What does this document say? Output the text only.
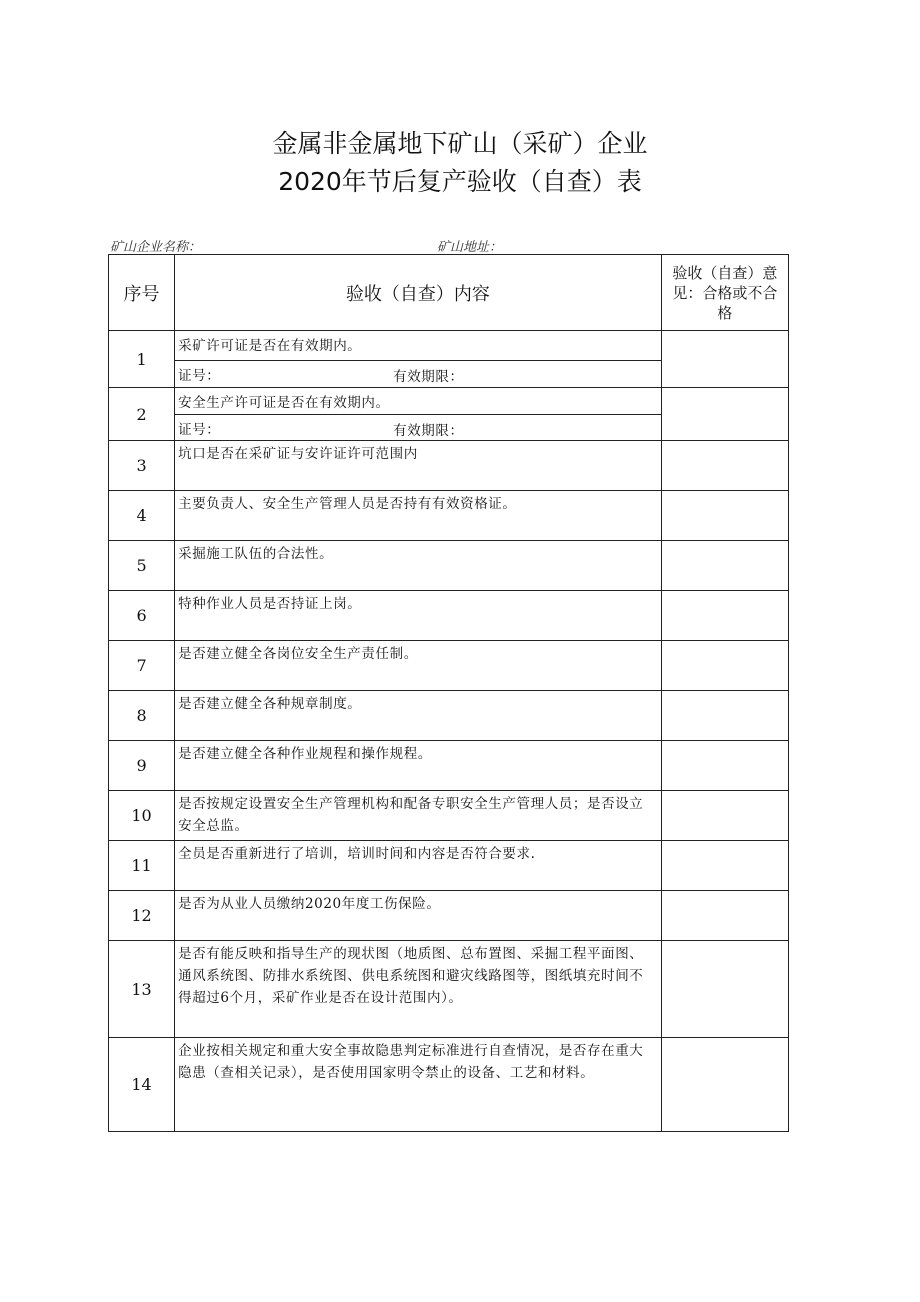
金属非金属地下矿山（采矿）企业
2020年节后复产验收（自查）表
矿山企业名称：	矿山地址：
序号	验收（自查）内容	验收（自查）意见：合格或不合格
1	采矿许可证是否在有效期内。	
	证号： 有效期限：	

2	安全生产许可证是否在有效期内。	
	证号： 有效期限：	

3	坑口是否在采矿证与安许证许可范围内	
4	主要负责人、安全生产管理人员是否持有有效资格证。	
5	采掘施工队伍的合法性。	
6	特种作业人员是否持证上岗。	
7	是否建立健全各岗位安全生产责任制。	
8	是否建立健全各种规章制度。	
9	是否建立健全各种作业规程和操作规程。	
10	是否按规定设置安全生产管理机构和配备专职安全生产管理人员；是否设立安全总监。	
11	全员是否重新进行了培训，培训时间和内容是否符合要求.	
12	是否为从业人员缴纳2020年度工伤保险。	
13	是否有能反映和指导生产的现状图（地质图、总布置图、采掘工程平面图、通风系统图、防排水系统图、供电系统图和避灾线路图等，图纸填充时间不得超过6个月，采矿作业是否在设计范围内）。	
14	企业按相关规定和重大安全事故隐患判定标准进行自查情况，是否存在重大隐患（查相关记录），是否使用国家明令禁止的设备、工艺和材料。	
